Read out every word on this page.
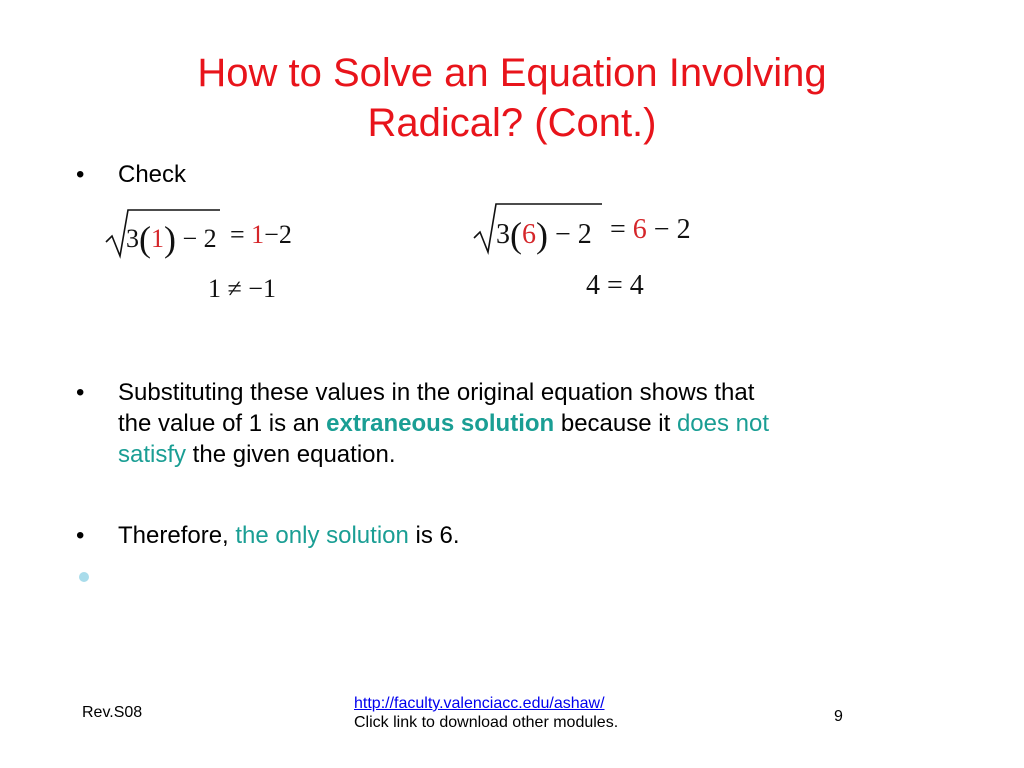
How to Solve an Equation Involving
Radical? (Cont.)
•	Check
3(1) − 2 = 1−2
1 ≠ −1
3(6) − 2 = 6 − 2
4 = 4
•	Substituting these values in the original equation shows that
the value of 1 is an extraneous solution because it does not
satisfy the given equation.
•	Therefore, the only solution is 6.
Rev.S08
http://faculty.valenciacc.edu/ashaw/
Click link to download other modules.	9
